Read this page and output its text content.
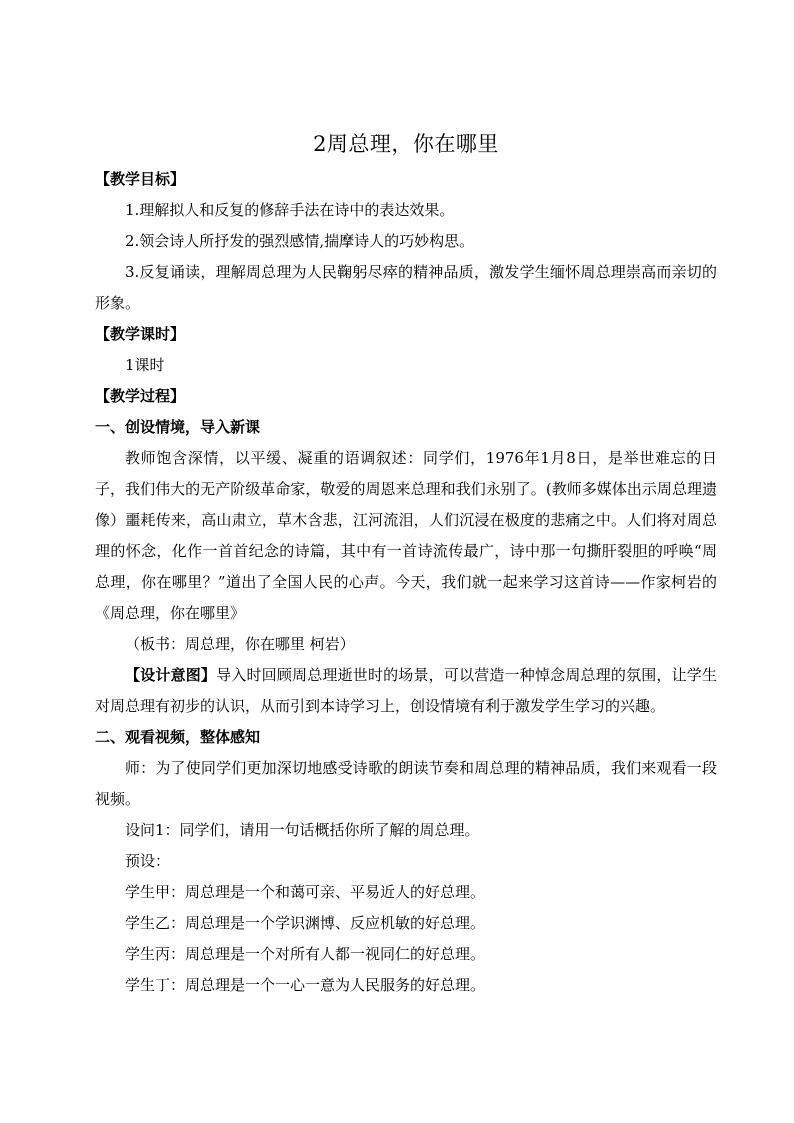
2周总理，你在哪里

【教学目标】

1.理解拟人和反复的修辞手法在诗中的表达效果。

2.领会诗人所抒发的强烈感情,揣摩诗人的巧妙构思。

3.反复诵读，理解周总理为人民鞠躬尽瘁的精神品质，激发学生缅怀周总理崇高而亲切的形象。

【教学课时】

1课时

【教学过程】

一、创设情境，导入新课

教师饱含深情，以平缓、凝重的语调叙述：同学们，1976年1月8日，是举世难忘的日子，我们伟大的无产阶级革命家，敬爱的周恩来总理和我们永别了。(教师多媒体出示周总理遗像）噩耗传来，高山肃立，草木含悲，江河流泪，人们沉浸在极度的悲痛之中。人们将对周总理的怀念，化作一首首纪念的诗篇，其中有一首诗流传最广，诗中那一句撕肝裂胆的呼唤“周总理，你在哪里？”道出了全国人民的心声。今天，我们就一起来学习这首诗——作家柯岩的《周总理，你在哪里》

（板书：周总理，你在哪里 柯岩）

【设计意图】导入时回顾周总理逝世时的场景，可以营造一种悼念周总理的氛围，让学生对周总理有初步的认识，从而引到本诗学习上，创设情境有利于激发学生学习的兴趣。

二、观看视频，整体感知

师：为了使同学们更加深切地感受诗歌的朗读节奏和周总理的精神品质，我们来观看一段视频。

设问1：同学们，请用一句话概括你所了解的周总理。

预设：

学生甲：周总理是一个和蔼可亲、平易近人的好总理。

学生乙：周总理是一个学识渊博、反应机敏的好总理。

学生丙：周总理是一个对所有人都一视同仁的好总理。

学生丁：周总理是一个一心一意为人民服务的好总理。
